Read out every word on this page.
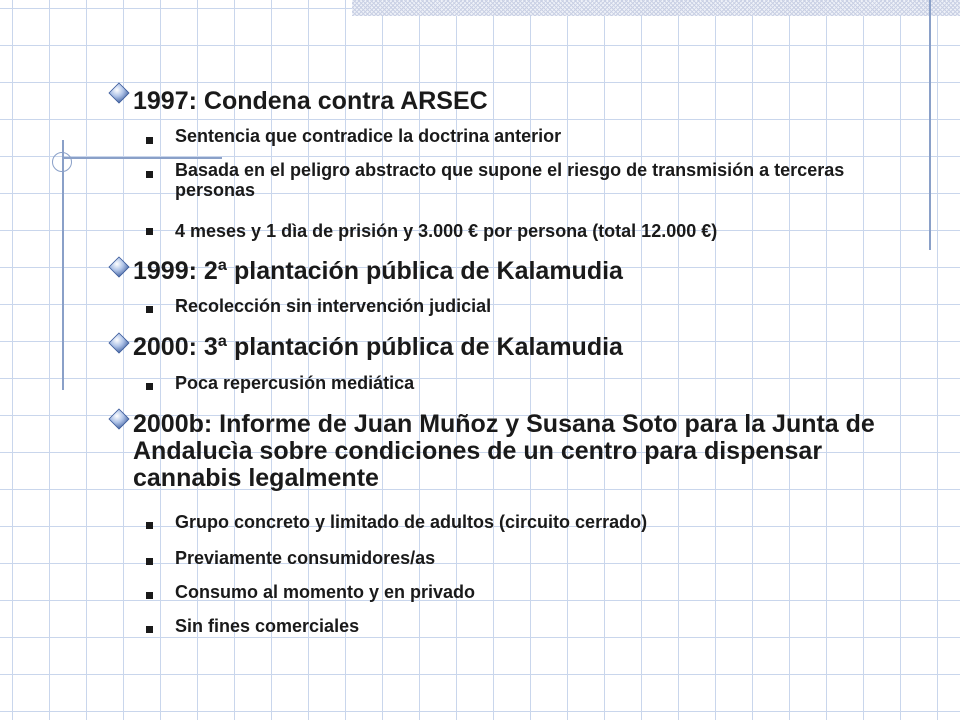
1997: Condena contra ARSEC
Sentencia que contradice la doctrina anterior
Basada en el peligro abstracto que supone el riesgo de transmisión a terceras personas
4 meses y 1 dìa de prisión y 3.000 € por persona (total 12.000 €)
1999: 2ª plantación pública de Kalamudia
Recolección sin intervención judicial
2000: 3ª plantación pública de Kalamudia
Poca repercusión mediática
2000b: Informe de Juan Muñoz y Susana Soto para la Junta de Andalucìa sobre condiciones de un centro para dispensar cannabis legalmente
Grupo concreto y limitado de adultos (circuito cerrado)
Previamente consumidores/as
Consumo al momento y en privado
Sin fines comerciales
